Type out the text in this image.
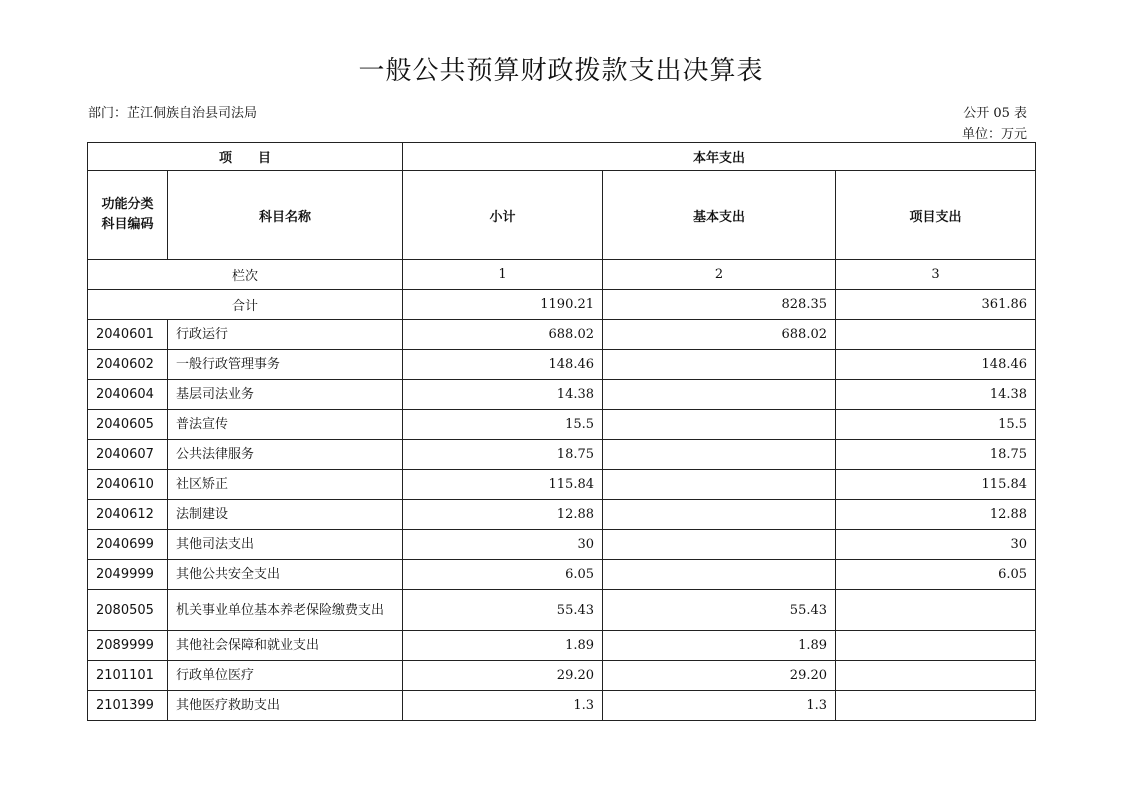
一般公共预算财政拨款支出决算表
部门：芷江侗族自治县司法局	公开 05 表
单位：万元
项　　目		本年支出		
功能分类科目编码	科目名称	小计	基本支出	项目支出
栏次		1	2	3
合计		1190.21	828.35	361.86
2040601	行政运行	688.02	688.02	
2040602	一般行政管理事务	148.46		148.46
2040604	基层司法业务	14.38		14.38
2040605	普法宣传	15.5		15.5
2040607	公共法律服务	18.75		18.75
2040610	社区矫正	115.84		115.84
2040612	法制建设	12.88		12.88
2040699	其他司法支出	30		30
2049999	其他公共安全支出	6.05		6.05
2080505	机关事业单位基本养老保险缴费支出	55.43	55.43	
2089999	其他社会保障和就业支出	1.89	1.89	
2101101	行政单位医疗	29.20	29.20	
2101399	其他医疗救助支出	1.3	1.3	
